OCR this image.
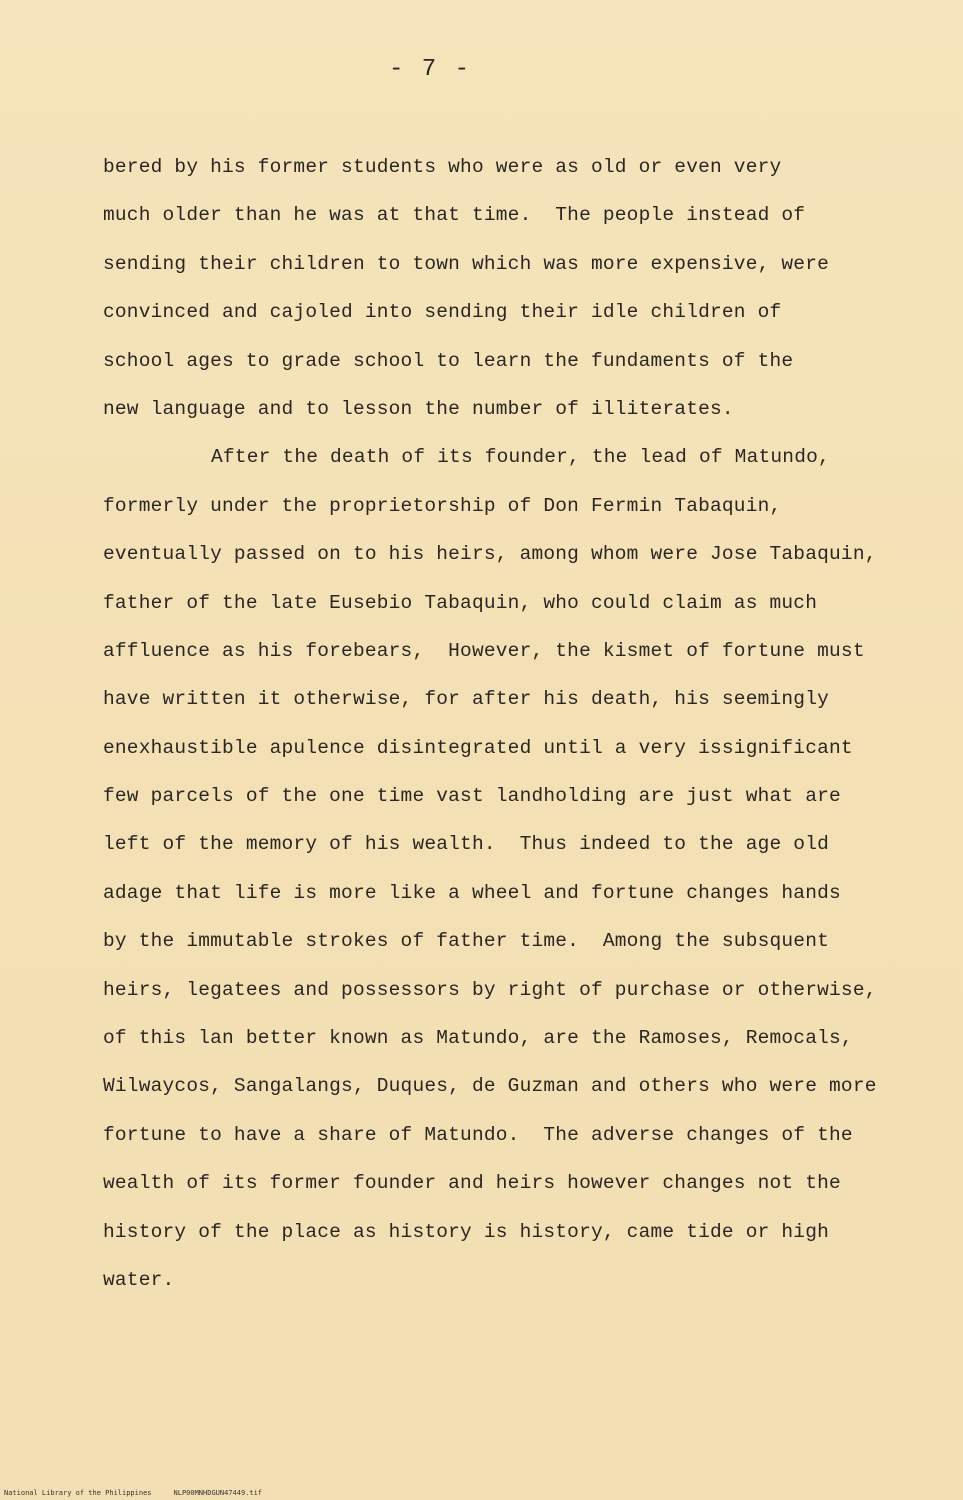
- 7 -
bered by his former students who were as old or even very
much older than he was at that time.  The people instead of
sending their children to town which was more expensive, were
convinced and cajoled into sending their idle children of
school ages to grade school to learn the fundaments of the
new language and to lesson the number of illiterates.
After the death of its founder, the lead of Matundo,
formerly under the proprietorship of Don Fermin Tabaquin,
eventually passed on to his heirs, among whom were Jose Tabaquin,
father of the late Eusebio Tabaquin, who could claim as much
affluence as his forebears,  However, the kismet of fortune must
have written it otherwise, for after his death, his seemingly
enexhaustible apulence disintegrated until a very issignificant
few parcels of the one time vast landholding are just what are
left of the memory of his wealth.  Thus indeed to the age old
adage that life is more like a wheel and fortune changes hands
by the immutable strokes of father time.  Among the subsquent
heirs, legatees and possessors by right of purchase or otherwise,
of this lan better known as Matundo, are the Ramoses, Remocals,
Wilwaycos, Sangalangs, Duques, de Guzman and others who were more
fortune to have a share of Matundo.  The adverse changes of the
wealth of its former founder and heirs however changes not the
history of the place as history is history, came tide or high
water.
National Library of the Philippines	NLP00MNHDGUN47449.tif
